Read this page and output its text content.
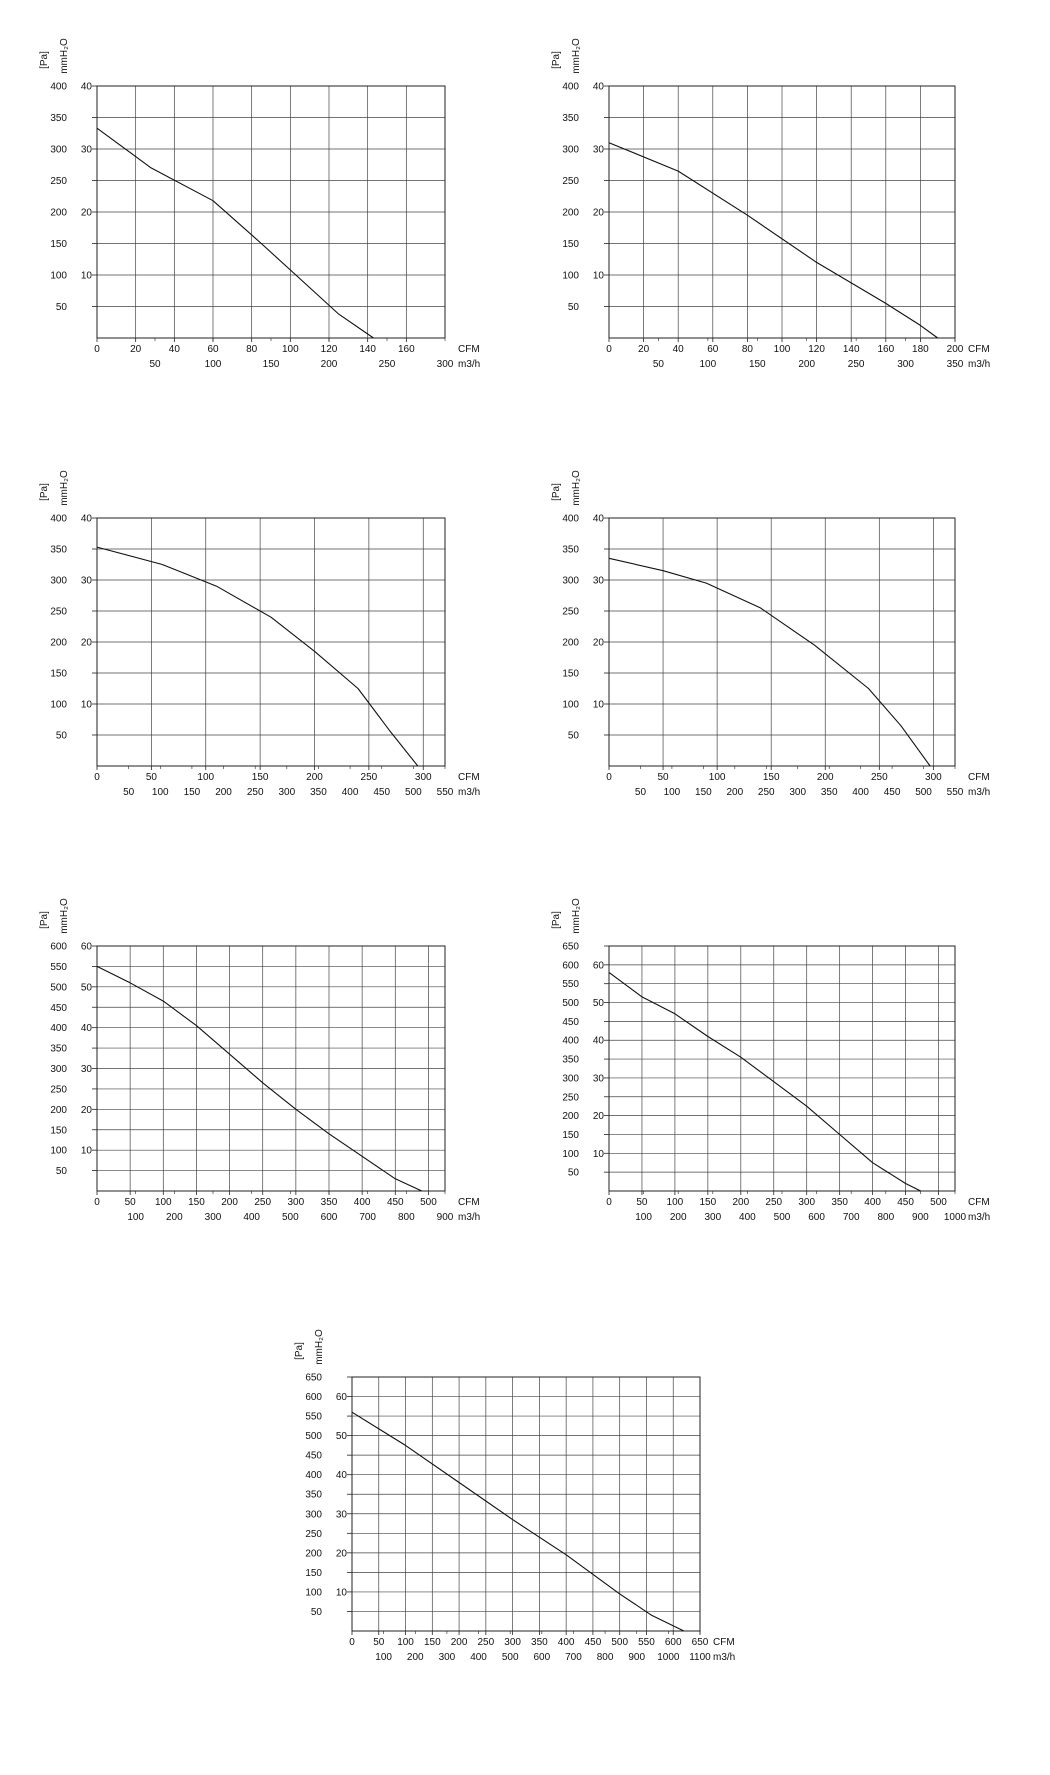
50
100
150
200
250
300
350
400
0	20	40	60	80 100 120 140 160
10
20
30
40
50	100	150	200	250	300
CFM
m3/h
[Pa] mmH₂O
50
100
150
200
250
300
350
400
0	20 40 60 80 100 120 140 160 180 200
10
20
30
40
50	100	150	200	250	300	350
CFM
m3/h
[Pa] mmH₂O
50
100
150
200
250
300
350
400
0	50	100	150	200	250	300
10
20
30
40
50 100 150 200 250 300 350 400 450 500 550
CFM
m3/h
[Pa] mmH₂O
50
100
150
200
250
300
350
400
0	50	100	150	200	250	300
10
20
30
40
50 100 150 200 250 300 350 400 450 500 550
CFM
m3/h
[Pa] mmH₂O
50
100
150
200
250
300
350
400
450
500
550
600
0 50 100 150 200 250 300 350 400 450 500
10
20
30
40
50
60
100 200 300 400 500 600 700 800 900
CFM
m3/h
[Pa] mmH₂O
50
100
150
200
250
300
350
400
450
500
550
600
650
0 50 100 150 200 250 300 350 400 450 500
10
20
30
40
50
60
100 200 300 400 500 600 700 800 900 1000
CFM
m3/h
[Pa] mmH₂O
50
100
150
200
250
300
350
400
450
500
550
600
650
0 50 100 150 200 250 300 350 400 450 500 550 600 650
10
20
30
40
50
60
100 200 300 400 500 600 700 800 900 1000 1100
CFM
m3/h
[Pa] mmH₂O
